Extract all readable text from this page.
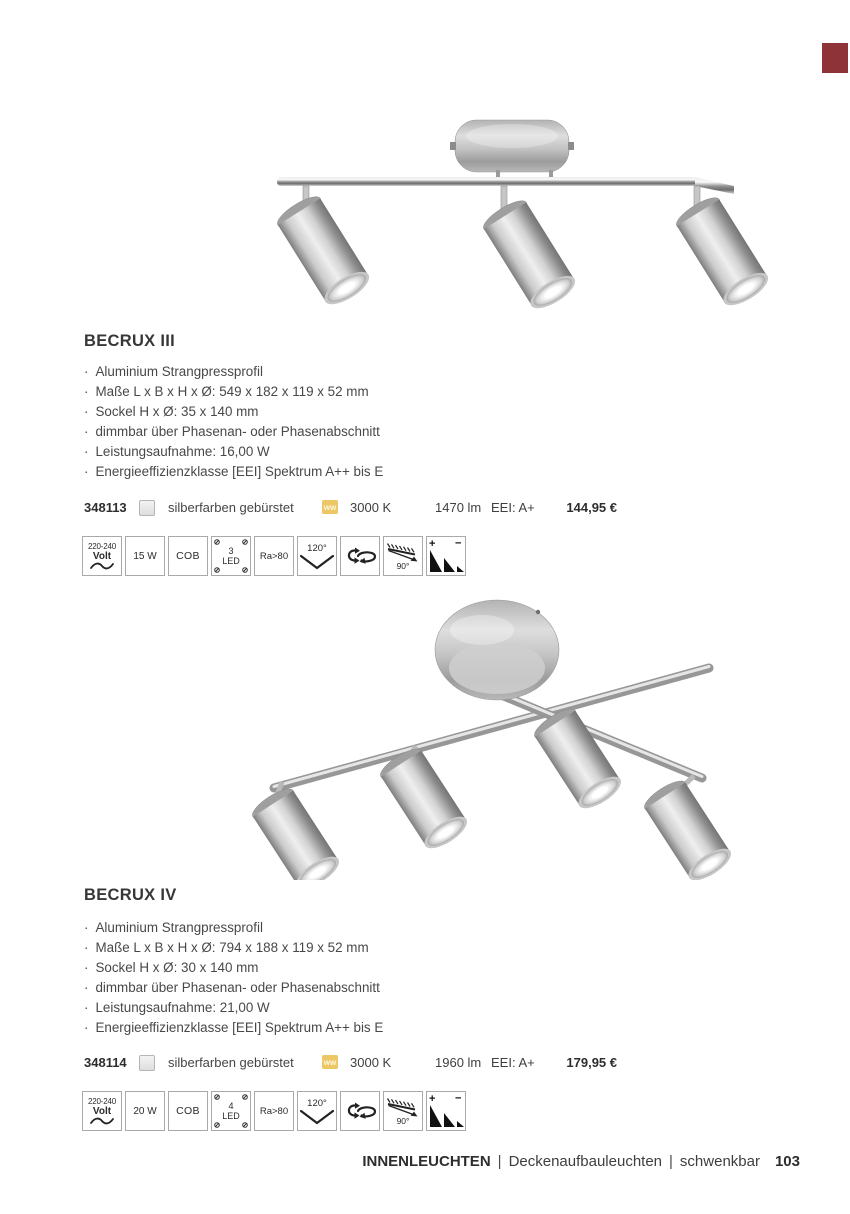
BECRUX III
· Aluminium Strangpressprofil
· Maße L x B x H x Ø: 549 x 182 x 119 x 52 mm
· Sockel H x Ø: 35 x 140 mm
· dimmbar über Phasenan- oder Phasenabschnitt
· Leistungsaufnahme: 16,00 W
· Energieeffizienzklasse [EEI] Spektrum A++ bis E
348113	silberfarben gebürstet	ww 3000 K	1470 lm EEI: A+ 144,95 €
220-240
Volt 15 W COB	3
LED Ra>80
120°
90°
+ −
BECRUX IV
· Aluminium Strangpressprofil
· Maße L x B x H x Ø: 794 x 188 x 119 x 52 mm
· Sockel H x Ø: 30 x 140 mm
· dimmbar über Phasenan- oder Phasenabschnitt
· Leistungsaufnahme: 21,00 W
· Energieeffizienzklasse [EEI] Spektrum A++ bis E
348114	silberfarben gebürstet	ww 3000 K	1960 lm EEI: A+ 179,95 €
220-240
Volt 20 W COB	4
LED Ra>80
120°
90°
+ −
INNENLEUCHTEN | Deckenaufbauleuchten | schwenkbar 103
